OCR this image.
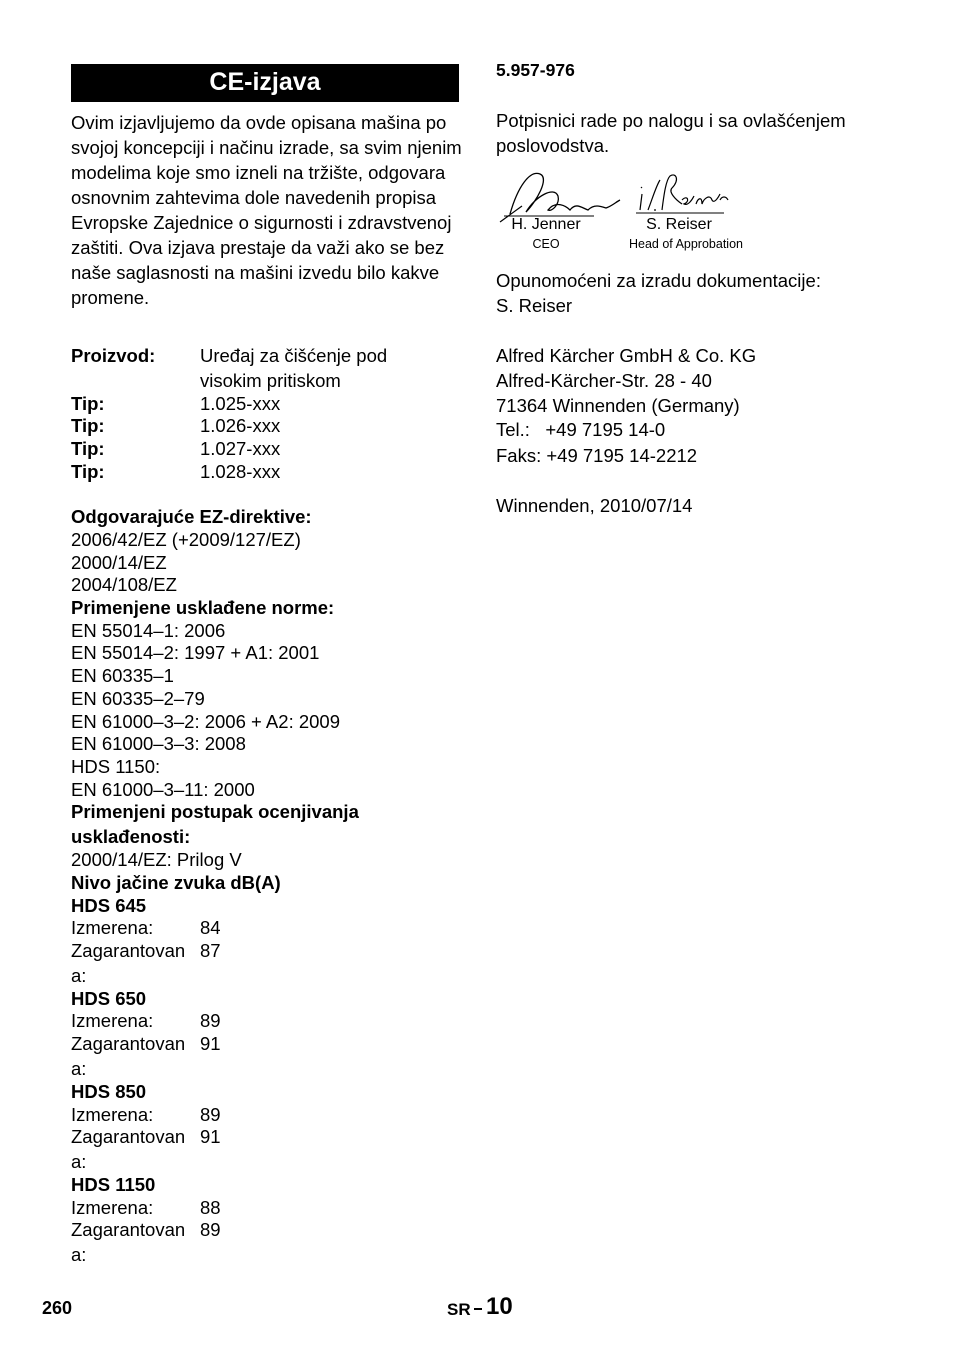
CE-izjava
Ovim izjavljujemo da ovde opisana mašina po svojoj koncepciji i načinu izrade, sa svim njenim modelima koje smo izneli na tržište, odgovara osnovnim zahtevima dole navedenih propisa Evropske Zajednice o sigurnosti i zdravstvenoj zaštiti. Ova izjava prestaje da važi ako se bez naše saglasnosti na mašini izvedu bilo kakve promene.
Proizvod: Uređaj za čišćenje pod
visokim pritiskom
Tip:	1.025-xxx
Tip:	1.026-xxx
Tip:	1.027-xxx
Tip:	1.028-xxx
Odgovarajuće EZ-direktive:
2006/42/EZ (+2009/127/EZ)
2000/14/EZ
2004/108/EZ
Primenjene usklađene norme:
EN 55014–1: 2006
EN 55014–2: 1997 + A1: 2001
EN 60335–1
EN 60335–2–79
EN 61000–3–2: 2006 + A2: 2009
EN 61000–3–3: 2008
HDS 1150:
EN 61000–3–11: 2000
Primenjeni postupak ocenjivanja
usklađenosti:
2000/14/EZ: Prilog V
Nivo jačine zvuka dB(A)
HDS 645
Izmerena:	84
Zagarantovan 87
a:
HDS 650
Izmerena:	89
Zagarantovan 91
a:
HDS 850
Izmerena:	89
Zagarantovan 91
a:
HDS 1150
Izmerena:	88
Zagarantovan 89
a:
5.957-976
Potpisnici rade po nalogu i sa ovlašćenjem
poslovodstva.
H. Jenner
CEO
S. Reiser
Head of Approbation
Opunomoćeni za izradu dokumentacije:
S. Reiser
Alfred Kärcher GmbH & Co. KG
Alfred-Kärcher-Str. 28 - 40
71364 Winnenden (Germany)
Tel.:   +49 7195 14-0
Faks: +49 7195 14-2212
Winnenden, 2010/07/14
260	SR 10
